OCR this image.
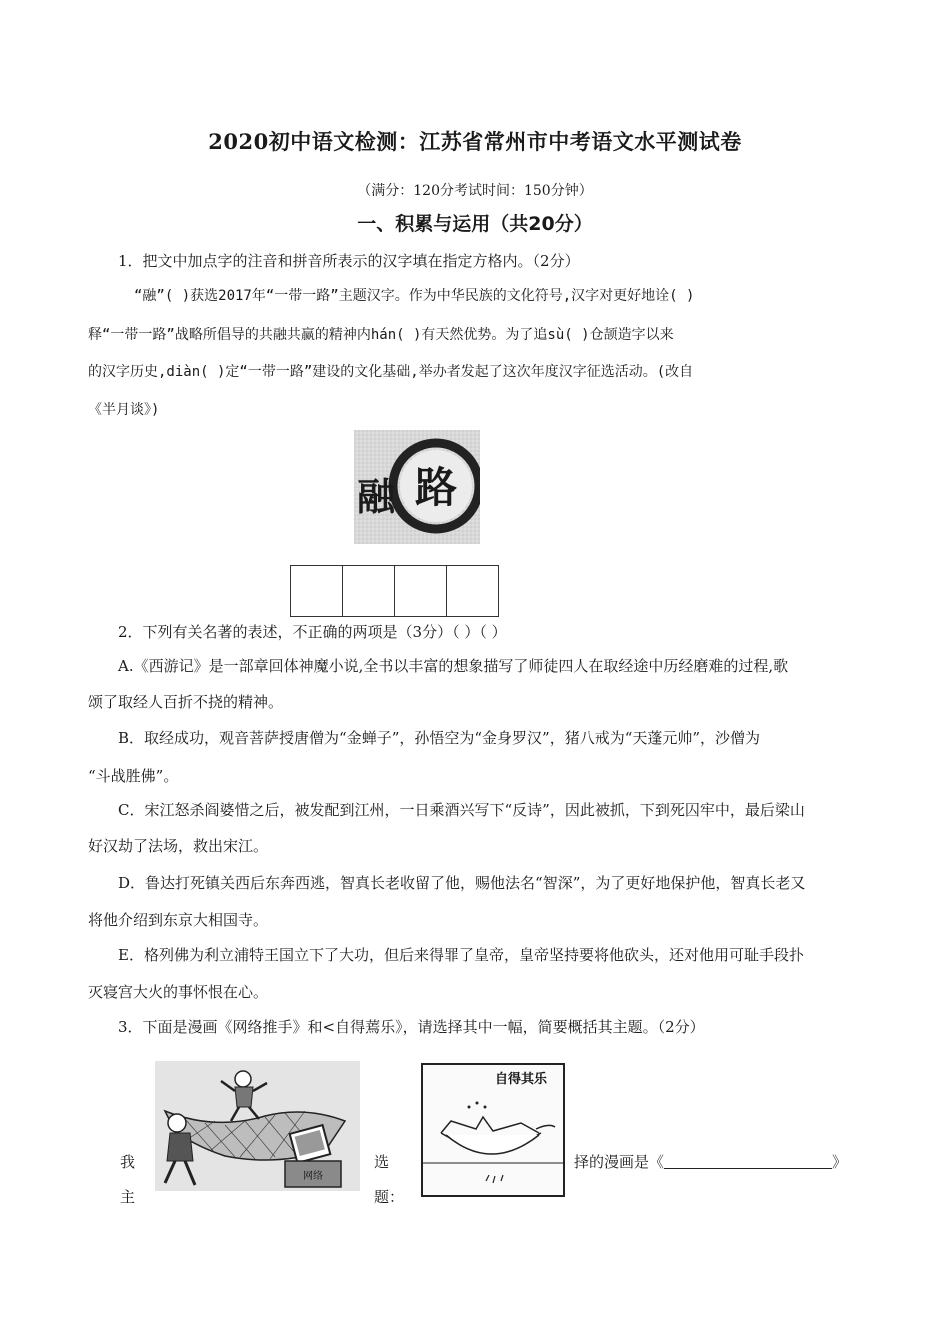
2020初中语文检测：江苏省常州市中考语文水平测试卷
（满分：120分考试时间：150分钟）
一、积累与运用（共20分）
1．把文中加点字的注音和拼音所表示的汉字填在指定方格内。（2分）
“融”( )获选2017年“一带一路”主题汉字。作为中华民族的文化符号,汉字对更好地诠( )
释“一带一路”战略所倡导的共融共赢的精神内hán( )有天然优势。为了追sù( )仓颉造字以来
的汉字历史,diàn( )定“一带一路”建设的文化基础,举办者发起了这次年度汉字征选活动。(改自
《半月谈》)
路
融
2．下列有关名著的表述，不正确的两项是（3分）（ ）（ ）
A.《西游记》是一部章回体神魔小说,全书以丰富的想象描写了师徒四人在取经途中历经磨难的过程,歌
颂了取经人百折不挠的精神。
B．取经成功，观音菩萨授唐僧为“金蝉子”，孙悟空为“金身罗汉”，猪八戒为“天蓬元帅”，沙僧为
“斗战胜佛”。
C．宋江怒杀阎婆惜之后，被发配到江州，一日乘酒兴写下“反诗”，因此被抓，下到死囚牢中，最后梁山
好汉劫了法场，救出宋江。
D．鲁达打死镇关西后东奔西逃，智真长老收留了他，赐他法名“智深”，为了更好地保护他，智真长老又
将他介绍到东京大相国寺。
E．格列佛为利立浦特王国立下了大功，但后来得罪了皇帝，皇帝坚持要将他砍头，还对他用可耻手段扑
灭寝宫大火的事怀恨在心。
3．下面是漫画《网络推手》和<自得蔫乐》，请选择其中一幅，简要概括其主题。（2分）
网络
自得其乐
我	选	择的漫画是《	》
主	题：
